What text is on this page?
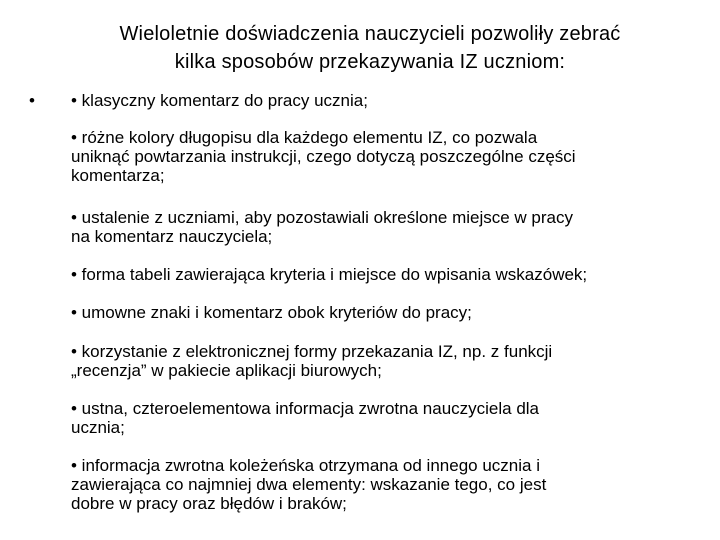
Wieloletnie doświadczenia nauczycieli pozwoliły zebrać
kilka sposobów przekazywania IZ uczniom:
• • klasyczny komentarz do pracy ucznia;
• różne kolory długopisu dla każdego elementu IZ, co pozwala
uniknąć powtarzania instrukcji, czego dotyczą poszczególne części
komentarza;
• ustalenie z uczniami, aby pozostawiali określone miejsce w pracy
na komentarz nauczyciela;
• forma tabeli zawierająca kryteria i miejsce do wpisania wskazówek;
• umowne znaki i komentarz obok kryteriów do pracy;
• korzystanie z elektronicznej formy przekazania IZ, np. z funkcji
„recenzja” w pakiecie aplikacji biurowych;
• ustna, czteroelementowa informacja zwrotna nauczyciela dla
ucznia;
• informacja zwrotna koleżeńska otrzymana od innego ucznia i
zawierająca co najmniej dwa elementy: wskazanie tego, co jest
dobre w pracy oraz błędów i braków;
